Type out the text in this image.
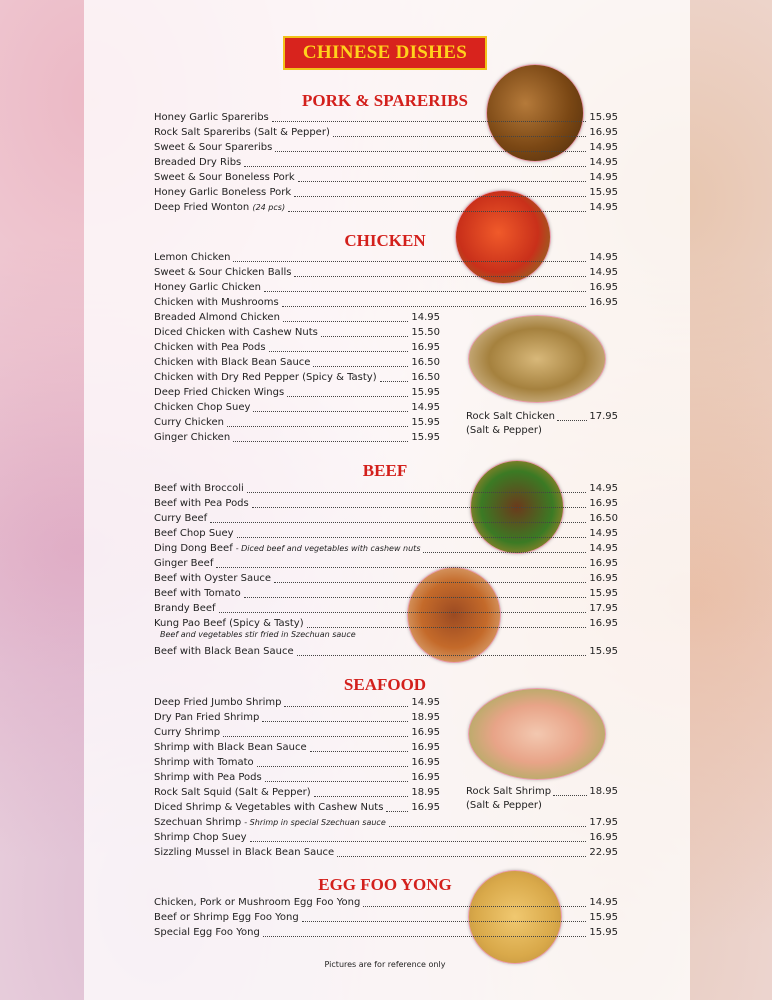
CHINESE DISHES
PORK & SPARERIBS
CHICKEN
BEEF
SEAFOOD
EGG FOO YONG
Honey Garlic Spareribs	15.95
Rock Salt Spareribs (Salt & Pepper)	16.95
Sweet & Sour Spareribs	14.95
Breaded Dry Ribs	14.95
Sweet & Sour Boneless Pork	14.95
Honey Garlic Boneless Pork	15.95
Deep Fried Wonton (24 pcs)	14.95
Lemon Chicken	14.95
Sweet & Sour Chicken Balls	14.95
Honey Garlic Chicken	16.95
Chicken with Mushrooms	16.95
Breaded Almond Chicken	14.95
Diced Chicken with Cashew Nuts	15.50
Chicken with Pea Pods	16.95
Chicken with Black Bean Sauce	16.50
Chicken with Dry Red Pepper (Spicy & Tasty)	16.50
Deep Fried Chicken Wings	15.95
Chicken Chop Suey	14.95
Curry Chicken	15.95
Ginger Chicken	15.95
Rock Salt Chicken	17.95
(Salt & Pepper)
Beef with Broccoli	14.95
Beef with Pea Pods	16.95
Curry Beef	16.50
Beef Chop Suey	14.95
Ding Dong Beef - Diced beef and vegetables with cashew nuts	14.95
Ginger Beef	16.95
Beef with Oyster Sauce	16.95
Beef with Tomato	15.95
Brandy Beef	17.95
Kung Pao Beef (Spicy & Tasty)	16.95
Beef and vegetables stir fried in Szechuan sauce
Beef with Black Bean Sauce	15.95
Deep Fried Jumbo Shrimp	14.95
Dry Pan Fried Shrimp	18.95
Curry Shrimp	16.95
Shrimp with Black Bean Sauce	16.95
Shrimp with Tomato	16.95
Shrimp with Pea Pods	16.95
Rock Salt Squid (Salt & Pepper)	18.95
Diced Shrimp & Vegetables with Cashew Nuts	16.95
Szechuan Shrimp - Shrimp in special Szechuan sauce	17.95
Shrimp Chop Suey	16.95
Sizzling Mussel in Black Bean Sauce	22.95
Rock Salt Shrimp	18.95
(Salt & Pepper)
Chicken, Pork or Mushroom Egg Foo Yong	14.95
Beef or Shrimp Egg Foo Yong	15.95
Special Egg Foo Yong	15.95
Pictures are for reference only
